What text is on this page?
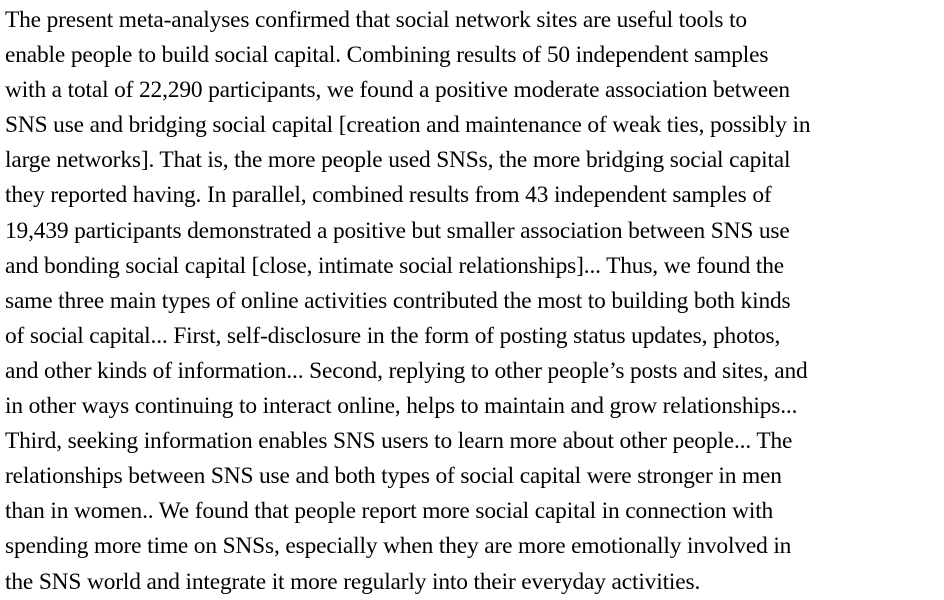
The present meta-analyses confirmed that social network sites are useful tools to
enable people to build social capital. Combining results of 50 independent samples
with a total of 22,290 participants, we found a positive moderate association between
SNS use and bridging social capital [creation and maintenance of weak ties, possibly in
large networks]. That is, the more people used SNSs, the more bridging social capital
they reported having. In parallel, combined results from 43 independent samples of
19,439 participants demonstrated a positive but smaller association between SNS use
and bonding social capital [close, intimate social relationships]... Thus, we found the
same three main types of online activities contributed the most to building both kinds
of social capital... First, self-disclosure in the form of posting status updates, photos,
and other kinds of information... Second, replying to other people’s posts and sites, and
in other ways continuing to interact online, helps to maintain and grow relationships...
Third, seeking information enables SNS users to learn more about other people... The
relationships between SNS use and both types of social capital were stronger in men
than in women.. We found that people report more social capital in connection with
spending more time on SNSs, especially when they are more emotionally involved in
the SNS world and integrate it more regularly into their everyday activities.
